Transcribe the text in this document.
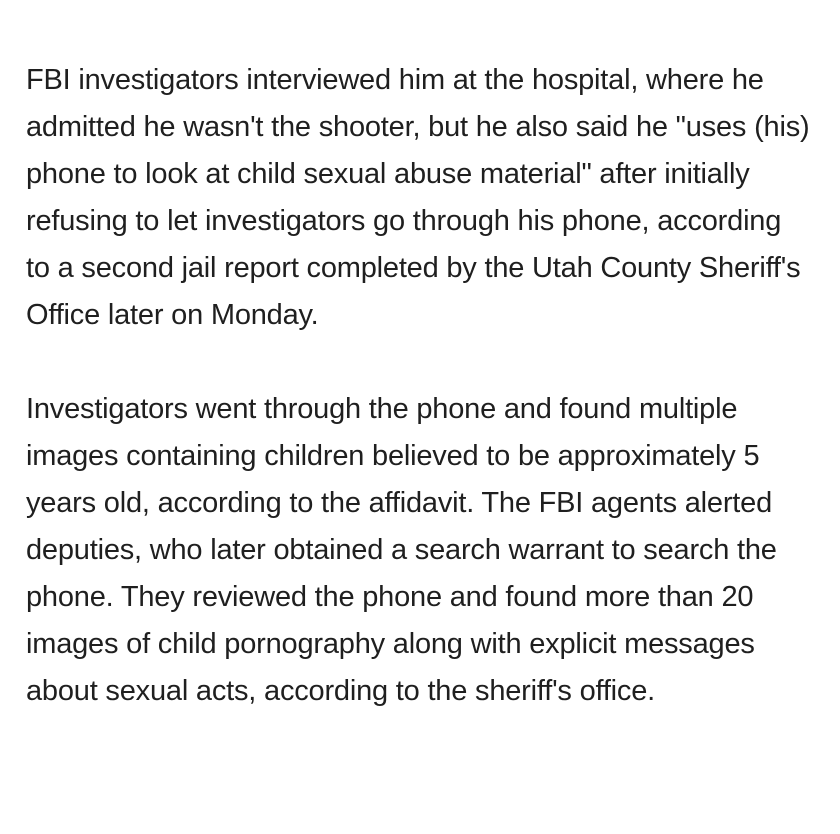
FBI investigators interviewed him at the hospital, where he admitted he wasn't the shooter, but he also said he "uses (his) phone to look at child sexual abuse material" after initially refusing to let investigators go through his phone, according to a second jail report completed by the Utah County Sheriff's Office later on Monday.

Investigators went through the phone and found multiple images containing children believed to be approximately 5 years old, according to the affidavit. The FBI agents alerted deputies, who later obtained a search warrant to search the phone. They reviewed the phone and found more than 20 images of child pornography along with explicit messages about sexual acts, according to the sheriff's office.
